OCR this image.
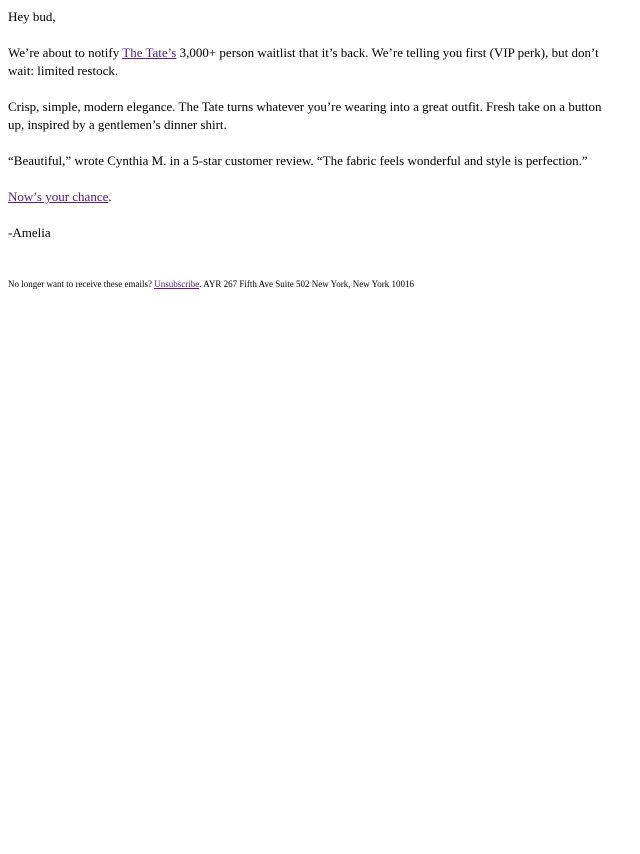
Hey bud,

We’re about to notify The Tate’s 3,000+ person waitlist that it’s back. We’re telling you first (VIP perk), but don’t wait: limited restock.

Crisp, simple, modern elegance. The Tate turns whatever you’re wearing into a great outfit. Fresh take on a button up, inspired by a gentlemen’s dinner shirt.

“Beautiful,” wrote Cynthia M. in a 5-star customer review. “The fabric feels wonderful and style is perfection.”

Now’s your chance.

-Amelia

No longer want to receive these emails? Unsubscribe. AYR 267 Fifth Ave Suite 502 New York, New York 10016
